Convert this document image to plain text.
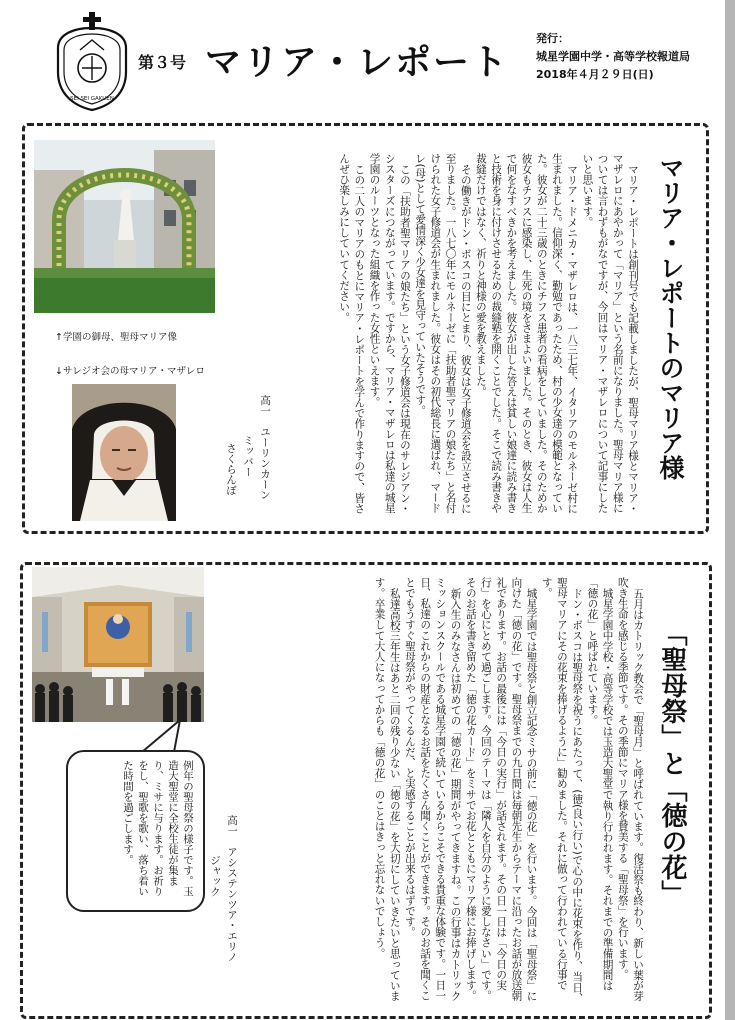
SEI SEI GAKUEN
第３号 マリア・レポート
発行：
城星学園中学・高等学校報道局
2018年４月２９日(日)
マリア・レポートのマリア様

マリア・レポートは創刊号でも記載しましたが、聖母マリア様とマリア・マザレロにあやかって「マリア」という名前になりました。聖母マリア様については言わずもがなですが、今回はマリア・マザレロについて記事にしたいと思います。

マリア・ドメニカ・マザレロは、一八三七年、イタリアのモルネーゼ村に生まれました。信仰深く、勤勉であったため、村の少女達の模範となっていた。彼女が二十三歳のときにチフス患者の看病をしていました。そのためか彼女もチフスに感染し、生死の境をさまよいました。そのとき、彼女は人生で何をなすべきかを考えました。彼女が出した答えは貧しい娘達に読み書きと技術を身に付けさせるための裁縫塾を開くことでした。そこで読み書きや裁縫だけではなく、祈りと神様の愛を教えました。

その働きがドン・ボスコの目にとまり、彼女は女子修道会を設立させるに至りました。一八七〇年にモルネーゼに「扶助者聖マリアの娘たち」と名付けられた女子修道会が生まれました。彼女はその初代総長に選ばれ、マードレ(母)として愛情深く少女達を見守っていたそうです。

この「扶助者聖マリアの娘たち」という女子修道会は現在のサレジアン・シスターズにつながっています。ですから、マリア・マザレロは私達の城星学園のルーツとなった組織を作った女性といえます。

この二人のマリアのもとにマリア・レポートを学んで作りますので、皆さんぜひ楽しみにしていてください。

高一　ユーリンカーン
ミッバー
さくらんぼ
↑学園の御母、聖母マリア像
↓サレジオ会の母マリア・マザレロ
「聖母祭」と「徳の花」

五月はカトリック教会で「聖母月」と呼ばれています。復活祭も終わり、新しい葉が芽吹き生命を感じる季節です。その季節にマリア様を賛美する「聖母祭」を行います。

城星学園中学校・高等学校では玉造大聖堂で執り行われます。それまでの準備期間は「徳の花」と呼ばれています。

ドン・ボスコは聖母祭を祝うにあたって、(徳(良い行い)で心の中に花束を作り、当日、聖母マリアにその花束を捧げるように」勧めました。それに倣って行われている行事です。

城星学園では聖母祭と創立記念ミサの前に「徳の花」を行います。今回は「聖母祭」に向けた「徳の花」です。聖母祭までの九日間は毎朝先生からテーマに沿ったお話が放送朝礼であります。お話の最後には「今日の実行」が話されます。その日一日は「今日の実行」を心にとめて過ごします。今回のテーマは「隣人を自分のように愛しなさい」です。そのお話を書き留めた「徳の花カード」をミサでお花とともにマリア様にお捧げします。

新入生のみなさんは初めての「徳の花」期間がやってきますね。この行事はカトリックミッションスクールである城星学園で続いているからこそできる貴重な体験です。一日一日、私達のこれからの財産となるお話をたくさん聞くことができます。そのお話を聞くことでもうすぐ聖母祭がやってくるんだ、と実感することが出来るはずです。

私達高校三年生はあと二回の残り少ない「徳の花」を大切にしていきたいと思っています。卒業して大人になってからも「徳の花」のことはきっと忘れないでしょう。

高一　アシステンツア・エリノ
ジャック
例年の聖母祭の様子です。玉造大聖堂に全校生徒が集まり、ミサに与ります。お祈りをし、聖歌を歌い、落ち着いた時間を過ごします。
